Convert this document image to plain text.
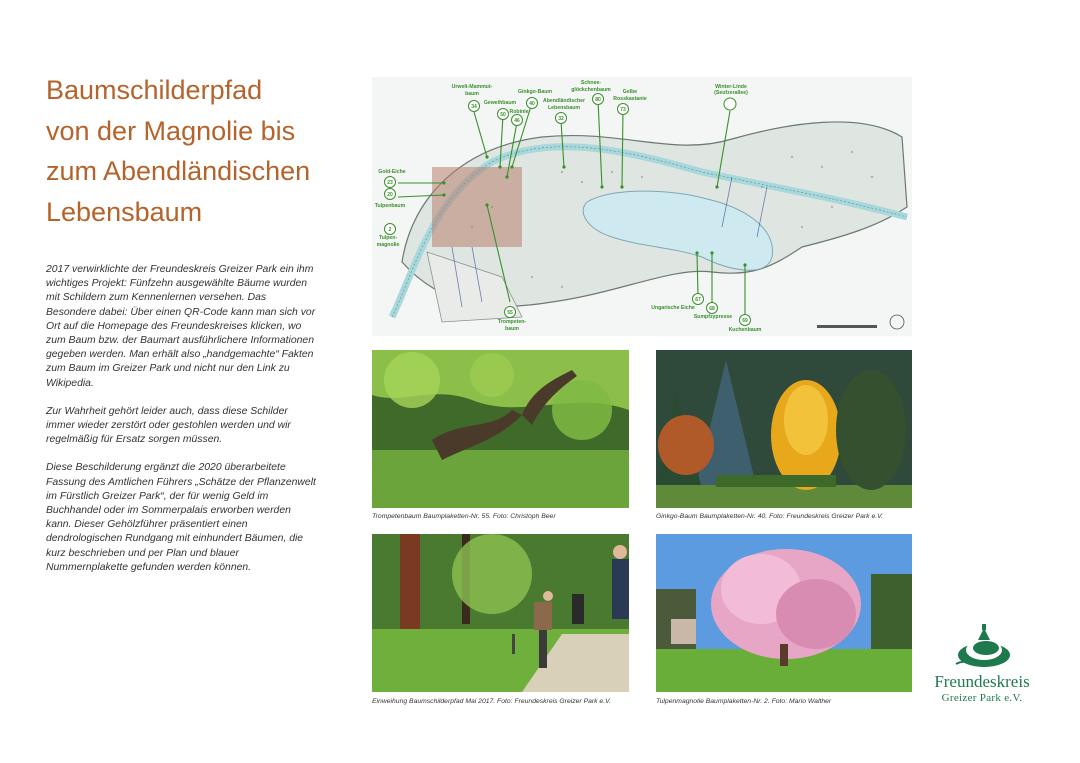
Baumschilderpfad
von der Magnolie bis
zum Abendländischen
Lebensbaum

2017 verwirklichte der Freundeskreis Greizer Park ein ihm wichtiges Projekt: Fünfzehn ausgewählte Bäume wurden mit Schildern zum Kennenlernen versehen. Das Besondere dabei: Über einen QR-Code kann man sich vor Ort auf die Homepage des Freundeskreises klicken, wo zum Baum bzw. der Baumart ausführlichere Informationen gegeben werden. Man erhält also „handgemachte“ Fakten zum Baum im Greizer Park und nicht nur den Link zu Wikipedia.

Zur Wahrheit gehört leider auch, dass diese Schilder immer wieder zerstört oder gestohlen werden und wir regelmäßig für Ersatz sorgen müssen.

Diese Beschilderung ergänzt die 2020 überarbeitete Fassung des Amtlichen Führers „Schätze der Pflanzenwelt im Fürstlich Greizer Park“, der für wenig Geld im Buchhandel oder im Sommerpalais erworben werden kann. Dieser Gehölzführer präsentiert einen dendrologischen Rundgang mit einhundert Bäumen, die kurz beschrieben und per Plan und blauer Nummernplakette gefunden werden können.

34
50
40
46	32
80
73
23
20
2
55
67
68
69
Urwelt-Mammut-
baum	Ginkgo-Baum
Geweihbaum
Robinie
Abendländischer
Lebensbaum
Schnee-
glöckchenbaum Gelbe
Rosskastanie
Winter-Linde
(Seufzerallee)
Gold-Eiche
Tulpenbaum
Tulpen-
magnolie
Trompeten-
baum
Ungarische Eiche
Sumpfzypresse
Kuchenbaum
Trompetenbaum Baumplaketten-Nr. 55. Foto: Christoph Beer	Ginkgo-Baum Baumplaketten-Nr. 40. Foto: Freundeskreis Greizer Park e.V.
Einweihung Baumschilderpfad Mai 2017. Foto: Freundeskreis Greizer Park e.V.	Tulpenmagnolie Baumplaketten-Nr. 2. Foto: Mario Walther
Freundeskreis
Greizer Park e.V.
